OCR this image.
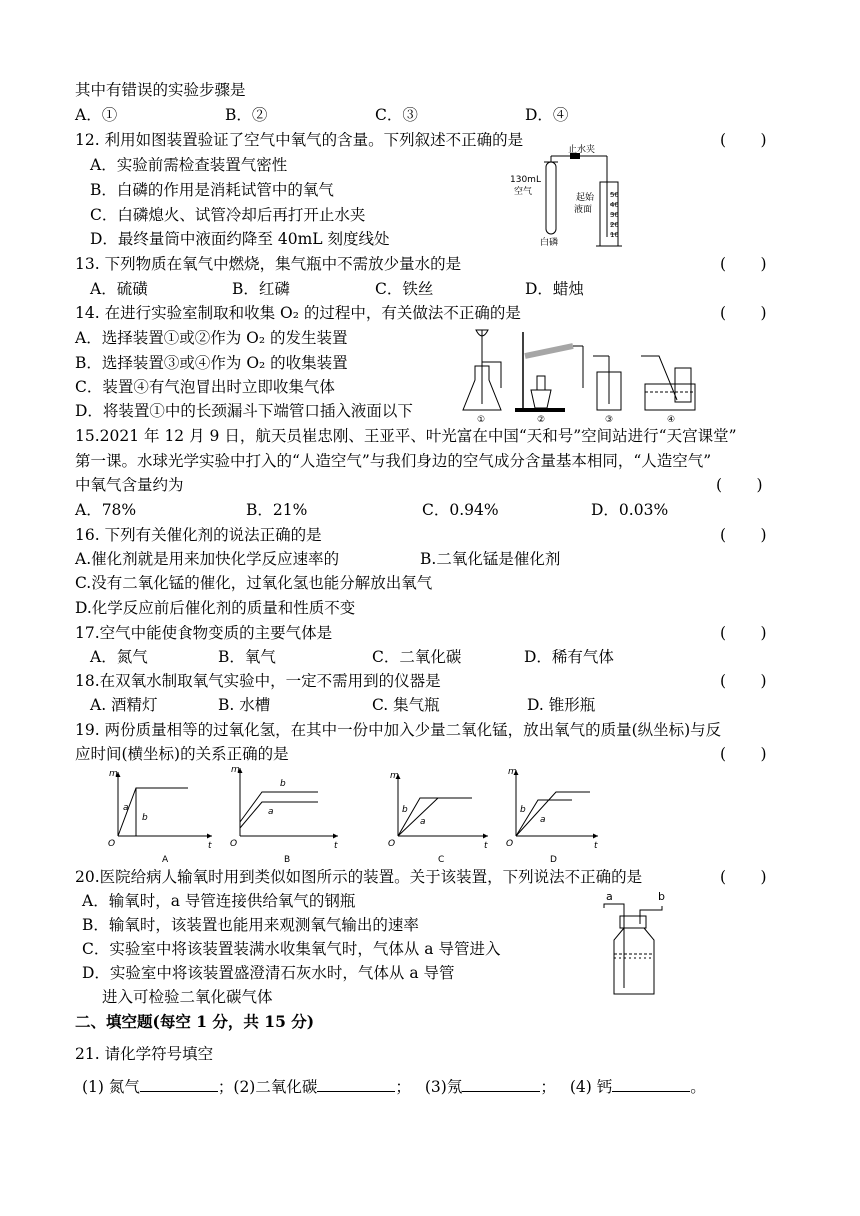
其中有错误的实验步骤是
A．①	B．②	C．③	D．④
12. 利用如图装置验证了空气中氧气的含量。下列叙述不正确的是	(       )
A．实验前需检查装置气密性
B．白磷的作用是消耗试管中的氧气
C．白磷熄火、试管冷却后再打开止水夹
D．最终量筒中液面约降至 40mL 刻度线处
止水夹
130mL
空气
起始
液面
白磷
50
40
30
20
10
13. 下列物质在氧气中燃烧，集气瓶中不需放少量水的是	(       )
A．硫磺	B．红磷	C．铁丝	D．蜡烛
14. 在进行实验室制取和收集 O₂ 的过程中，有关做法不正确的是	(       )
A．选择装置①或②作为 O₂ 的发生装置
B．选择装置③或④作为 O₂ 的收集装置
C．装置④有气泡冒出时立即收集气体
D．将装置①中的长颈漏斗下端管口插入液面以下	①	②	③	④
15.2021 年 12 月 9 日，航天员崔忠刚、王亚平、叶光富在中国“天和号”空间站进行“天宫课堂”
第一课。水球光学实验中打入的“人造空气”与我们身边的空气成分含量基本相同，“人造空气”
中氧气含量约为	(       )
A．78%	B．21%	C．0.94%	D．0.03%
16. 下列有关催化剂的说法正确的是	(       )
A.催化剂就是用来加快化学反应速率的	B.二氧化锰是催化剂
C.没有二氧化锰的催化，过氧化氢也能分解放出氧气
D.化学反应前后催化剂的质量和性质不变
17.空气中能使食物变质的主要气体是	(       )
A．氮气	B．氧气	C．二氧化碳	D．稀有气体
18.在双氧水制取氧气实验中，一定不需用到的仪器是	(       )
A. 酒精灯	B. 水槽	C. 集气瓶	D. 锥形瓶
19. 两份质量相等的过氧化氢，在其中一份中加入少量二氧化锰，放出氧气的质量(纵坐标)与反
应时间(横坐标)的关系正确的是	(       )
m
t
O
a
b
A
m
t
O
b
a
B
m
t
O
b
a
C
m
t
O
b
a
D
20.医院给病人输氧时用到类似如图所示的装置。关于该装置，下列说法不正确的是	(       )
A．输氧时，a 导管连接供给氧气的钢瓶
B．输氧时，该装置也能用来观测氧气输出的速率
C．实验室中将该装置装满水收集氧气时，气体从 a 导管进入
D．实验室中将该装置盛澄清石灰水时，气体从 a 导管
进入可检验二氧化碳气体
a	b
二、填空题(每空 1 分，共 15 分)
21. 请化学符号填空
(1) 氮气	；(2)二氧化碳	； (3)氖	； (4) 钙	。
